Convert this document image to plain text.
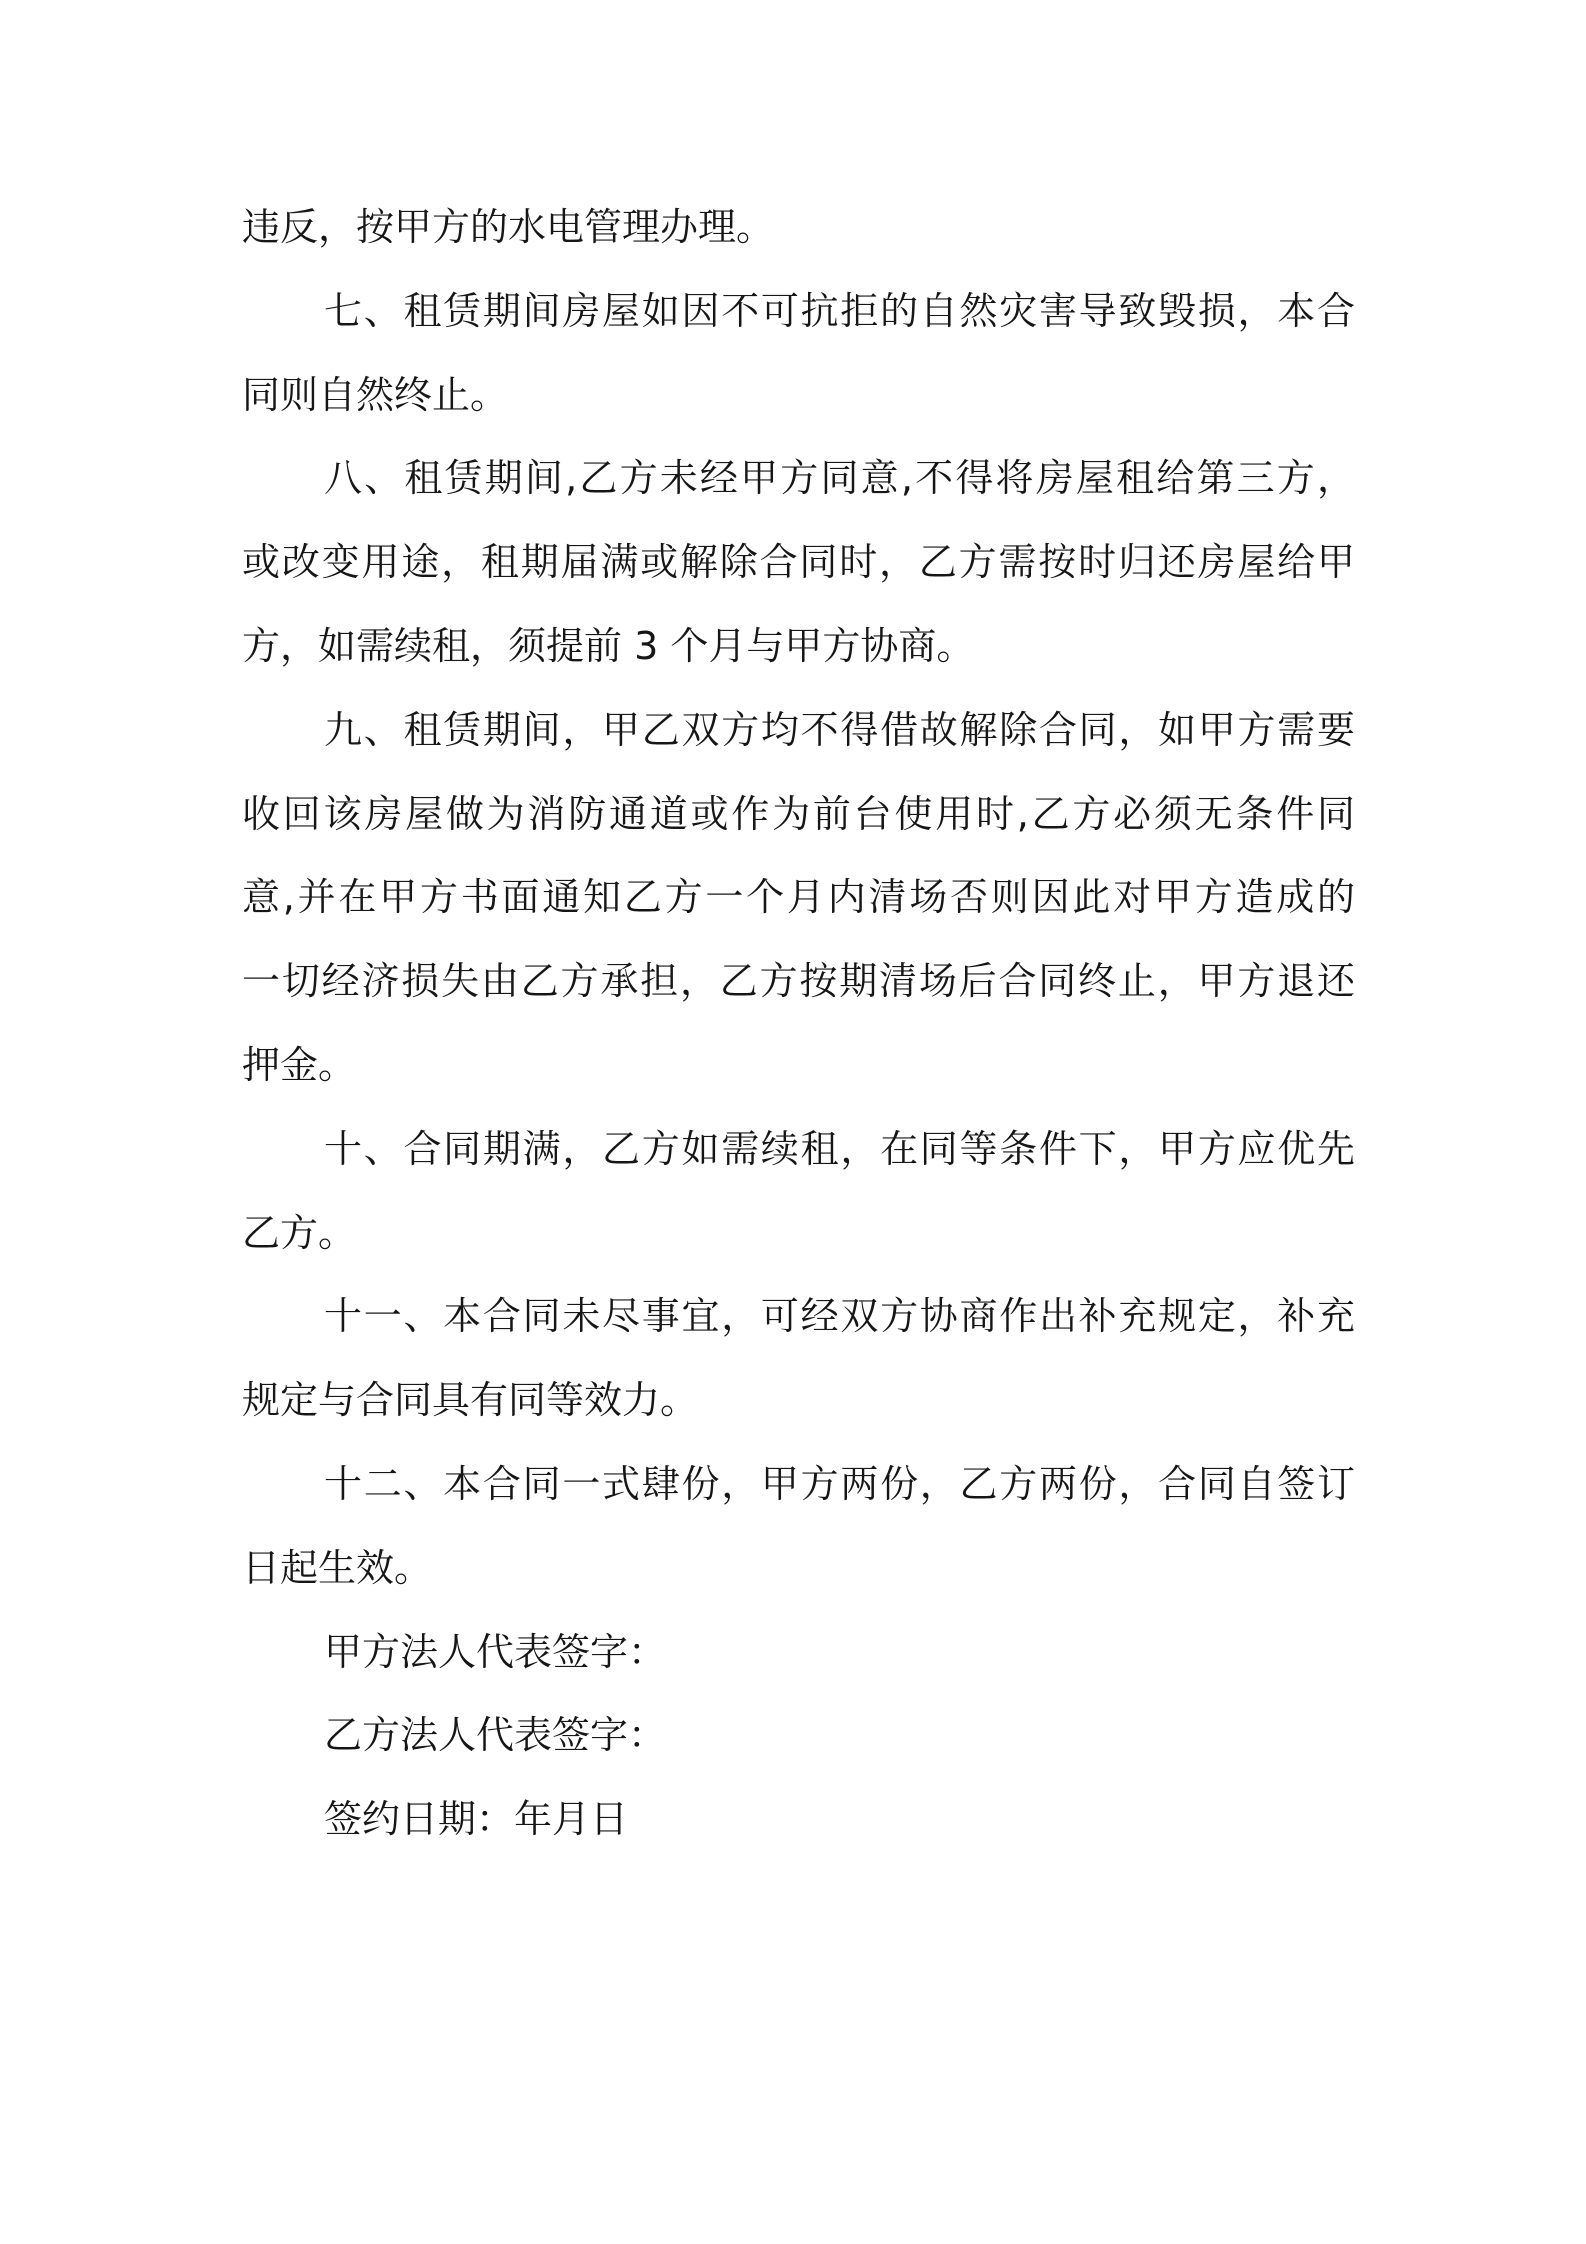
违反，按甲方的水电管理办理。
七、租赁期间房屋如因不可抗拒的自然灾害导致毁损，本合
同则自然终止。
八、租赁期间,乙方未经甲方同意,不得将房屋租给第三方，
或改变用途，租期届满或解除合同时，乙方需按时归还房屋给甲
方，如需续租，须提前 3 个月与甲方协商。
九、租赁期间，甲乙双方均不得借故解除合同，如甲方需要
收回该房屋做为消防通道或作为前台使用时,乙方必须无条件同
意,并在甲方书面通知乙方一个月内清场否则因此对甲方造成的
一切经济损失由乙方承担，乙方按期清场后合同终止，甲方退还
押金。
十、合同期满，乙方如需续租，在同等条件下，甲方应优先
乙方。
十一、本合同未尽事宜，可经双方协商作出补充规定，补充
规定与合同具有同等效力。
十二、本合同一式肆份，甲方两份，乙方两份，合同自签订
日起生效。
甲方法人代表签字：
乙方法人代表签字：
签约日期：年月日
